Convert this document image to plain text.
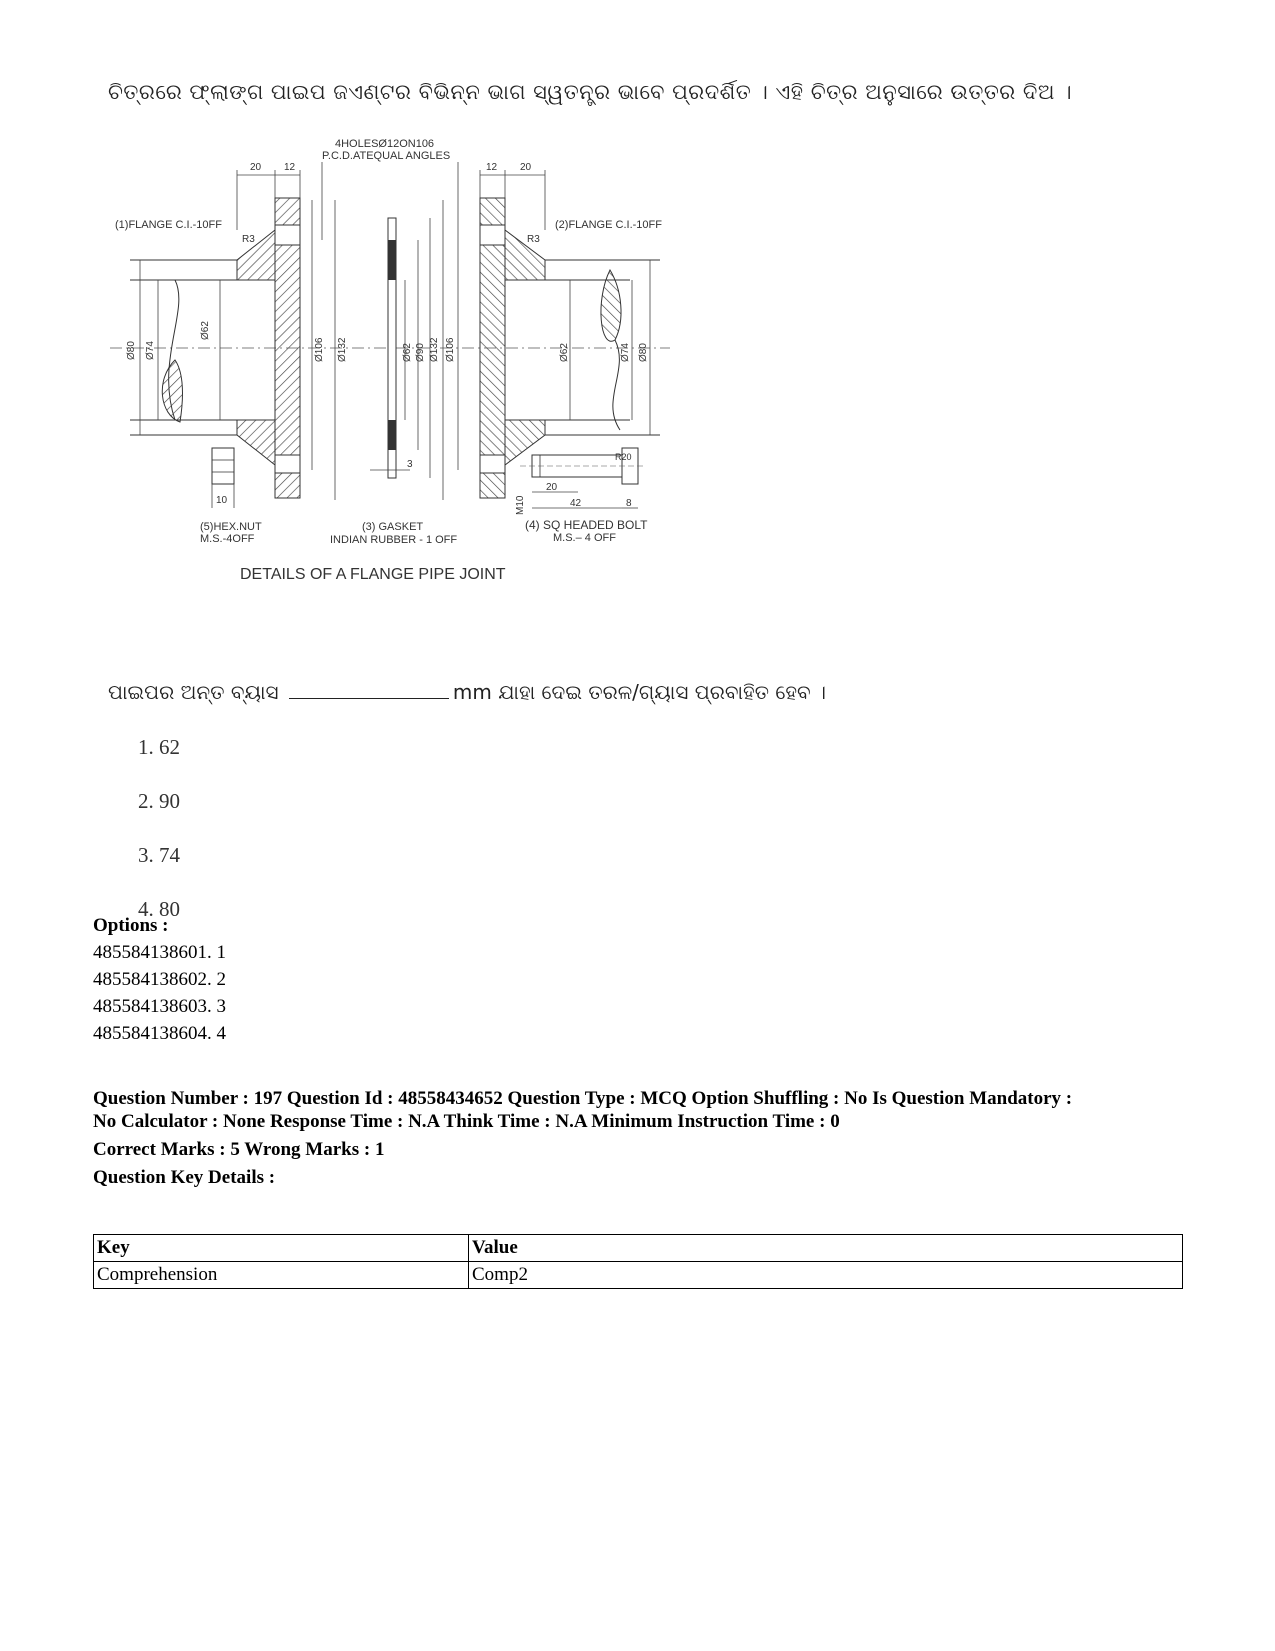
ଚିତ୍ରରେ ଫ୍ଲାଙ୍ଗ ପାଇପ ଜଏଣ୍ଟର ବିଭିନ୍ନ ଭାଗ ସ୍ୱତନ୍ତ୍ର ଭାବେ ପ୍ରଦର୍ଶିତ । ଏହି ଚିତ୍ର ଅନୁସାରେ ଉତ୍ତର ଦିଅ ।
4HOLESØ12ON106
P.C.D.ATEQUAL ANGLES
20 12	12 20
(1)FLANGE C.I.-10FF	(2)FLANGE C.I.-10FF
R3	R3
Ø80 Ø74
Ø62
Ø106 Ø132	Ø62 Ø90 Ø132
3
Ø106	Ø62	Ø74 Ø80
10
(5)HEX.NUT
M.S.-4OFF
R20
20
42	8
M10
(4) SQ HEADED BOLT
M.S.– 4 OFF
(3) GASKET
INDIAN RUBBER - 1 OFF
DETAILS OF A FLANGE PIPE JOINT
ପାଇପର ଅନ୍ତ ବ୍ୟାସ	mm ଯାହା ଦେଇ ତରଳ/ଗ୍ୟାସ ପ୍ରବାହିତ ହେବ ।
1. 62
2. 90
3. 74
4. 80
Options :
485584138601. 1
485584138602. 2
485584138603. 3
485584138604. 4
Question Number : 197 Question Id : 48558434652 Question Type : MCQ Option Shuffling : No Is Question Mandatory :
No Calculator : None Response Time : N.A Think Time : N.A Minimum Instruction Time : 0
Correct Marks : 5 Wrong Marks : 1
Question Key Details :
Key	Value
Comprehension	Comp2
